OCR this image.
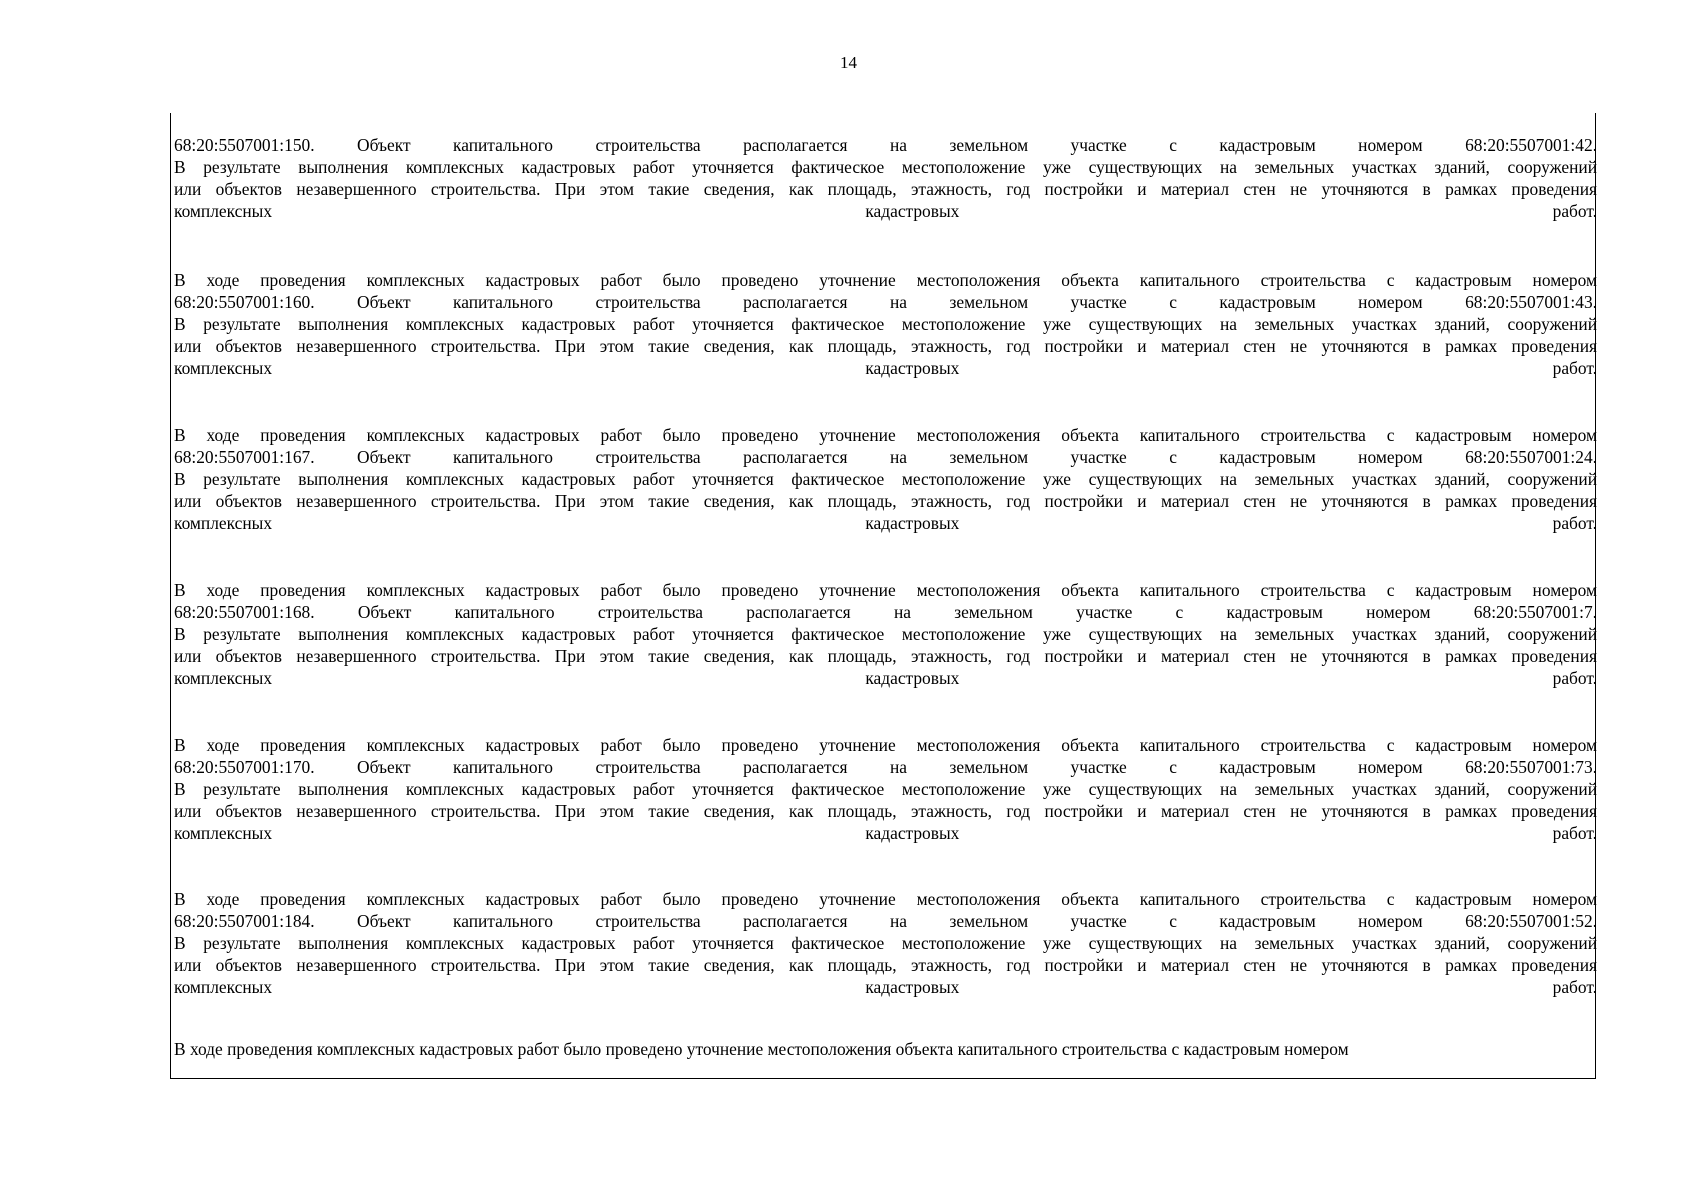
14
68:20:5507001:150. Объект капитального строительства располагается на земельном участке с кадастровым номером 68:20:5507001:42.
В результате выполнения комплексных кадастровых работ уточняется фактическое местоположение уже существующих на земельных участках зданий, сооружений
или объектов незавершенного строительства. При этом такие сведения, как площадь, этажность, год постройки и материал стен не уточняются в рамках проведения
комплексных кадастровых работ.
В ходе проведения комплексных кадастровых работ было проведено уточнение местоположения объекта капитального строительства с кадастровым номером
68:20:5507001:160. Объект капитального строительства располагается на земельном участке с кадастровым номером 68:20:5507001:43.
В результате выполнения комплексных кадастровых работ уточняется фактическое местоположение уже существующих на земельных участках зданий, сооружений
или объектов незавершенного строительства. При этом такие сведения, как площадь, этажность, год постройки и материал стен не уточняются в рамках проведения
комплексных кадастровых работ.
В ходе проведения комплексных кадастровых работ было проведено уточнение местоположения объекта капитального строительства с кадастровым номером
68:20:5507001:167. Объект капитального строительства располагается на земельном участке с кадастровым номером 68:20:5507001:24.
В результате выполнения комплексных кадастровых работ уточняется фактическое местоположение уже существующих на земельных участках зданий, сооружений
или объектов незавершенного строительства. При этом такие сведения, как площадь, этажность, год постройки и материал стен не уточняются в рамках проведения
комплексных кадастровых работ.
В ходе проведения комплексных кадастровых работ было проведено уточнение местоположения объекта капитального строительства с кадастровым номером
68:20:5507001:168. Объект капитального строительства располагается на земельном участке с кадастровым номером 68:20:5507001:7.
В результате выполнения комплексных кадастровых работ уточняется фактическое местоположение уже существующих на земельных участках зданий, сооружений
или объектов незавершенного строительства. При этом такие сведения, как площадь, этажность, год постройки и материал стен не уточняются в рамках проведения
комплексных кадастровых работ.
В ходе проведения комплексных кадастровых работ было проведено уточнение местоположения объекта капитального строительства с кадастровым номером
68:20:5507001:170. Объект капитального строительства располагается на земельном участке с кадастровым номером 68:20:5507001:73.
В результате выполнения комплексных кадастровых работ уточняется фактическое местоположение уже существующих на земельных участках зданий, сооружений
или объектов незавершенного строительства. При этом такие сведения, как площадь, этажность, год постройки и материал стен не уточняются в рамках проведения
комплексных кадастровых работ.
В ходе проведения комплексных кадастровых работ было проведено уточнение местоположения объекта капитального строительства с кадастровым номером
68:20:5507001:184. Объект капитального строительства располагается на земельном участке с кадастровым номером 68:20:5507001:52.
В результате выполнения комплексных кадастровых работ уточняется фактическое местоположение уже существующих на земельных участках зданий, сооружений
или объектов незавершенного строительства. При этом такие сведения, как площадь, этажность, год постройки и материал стен не уточняются в рамках проведения
комплексных кадастровых работ.
В ходе проведения комплексных кадастровых работ было проведено уточнение местоположения объекта капитального строительства с кадастровым номером
